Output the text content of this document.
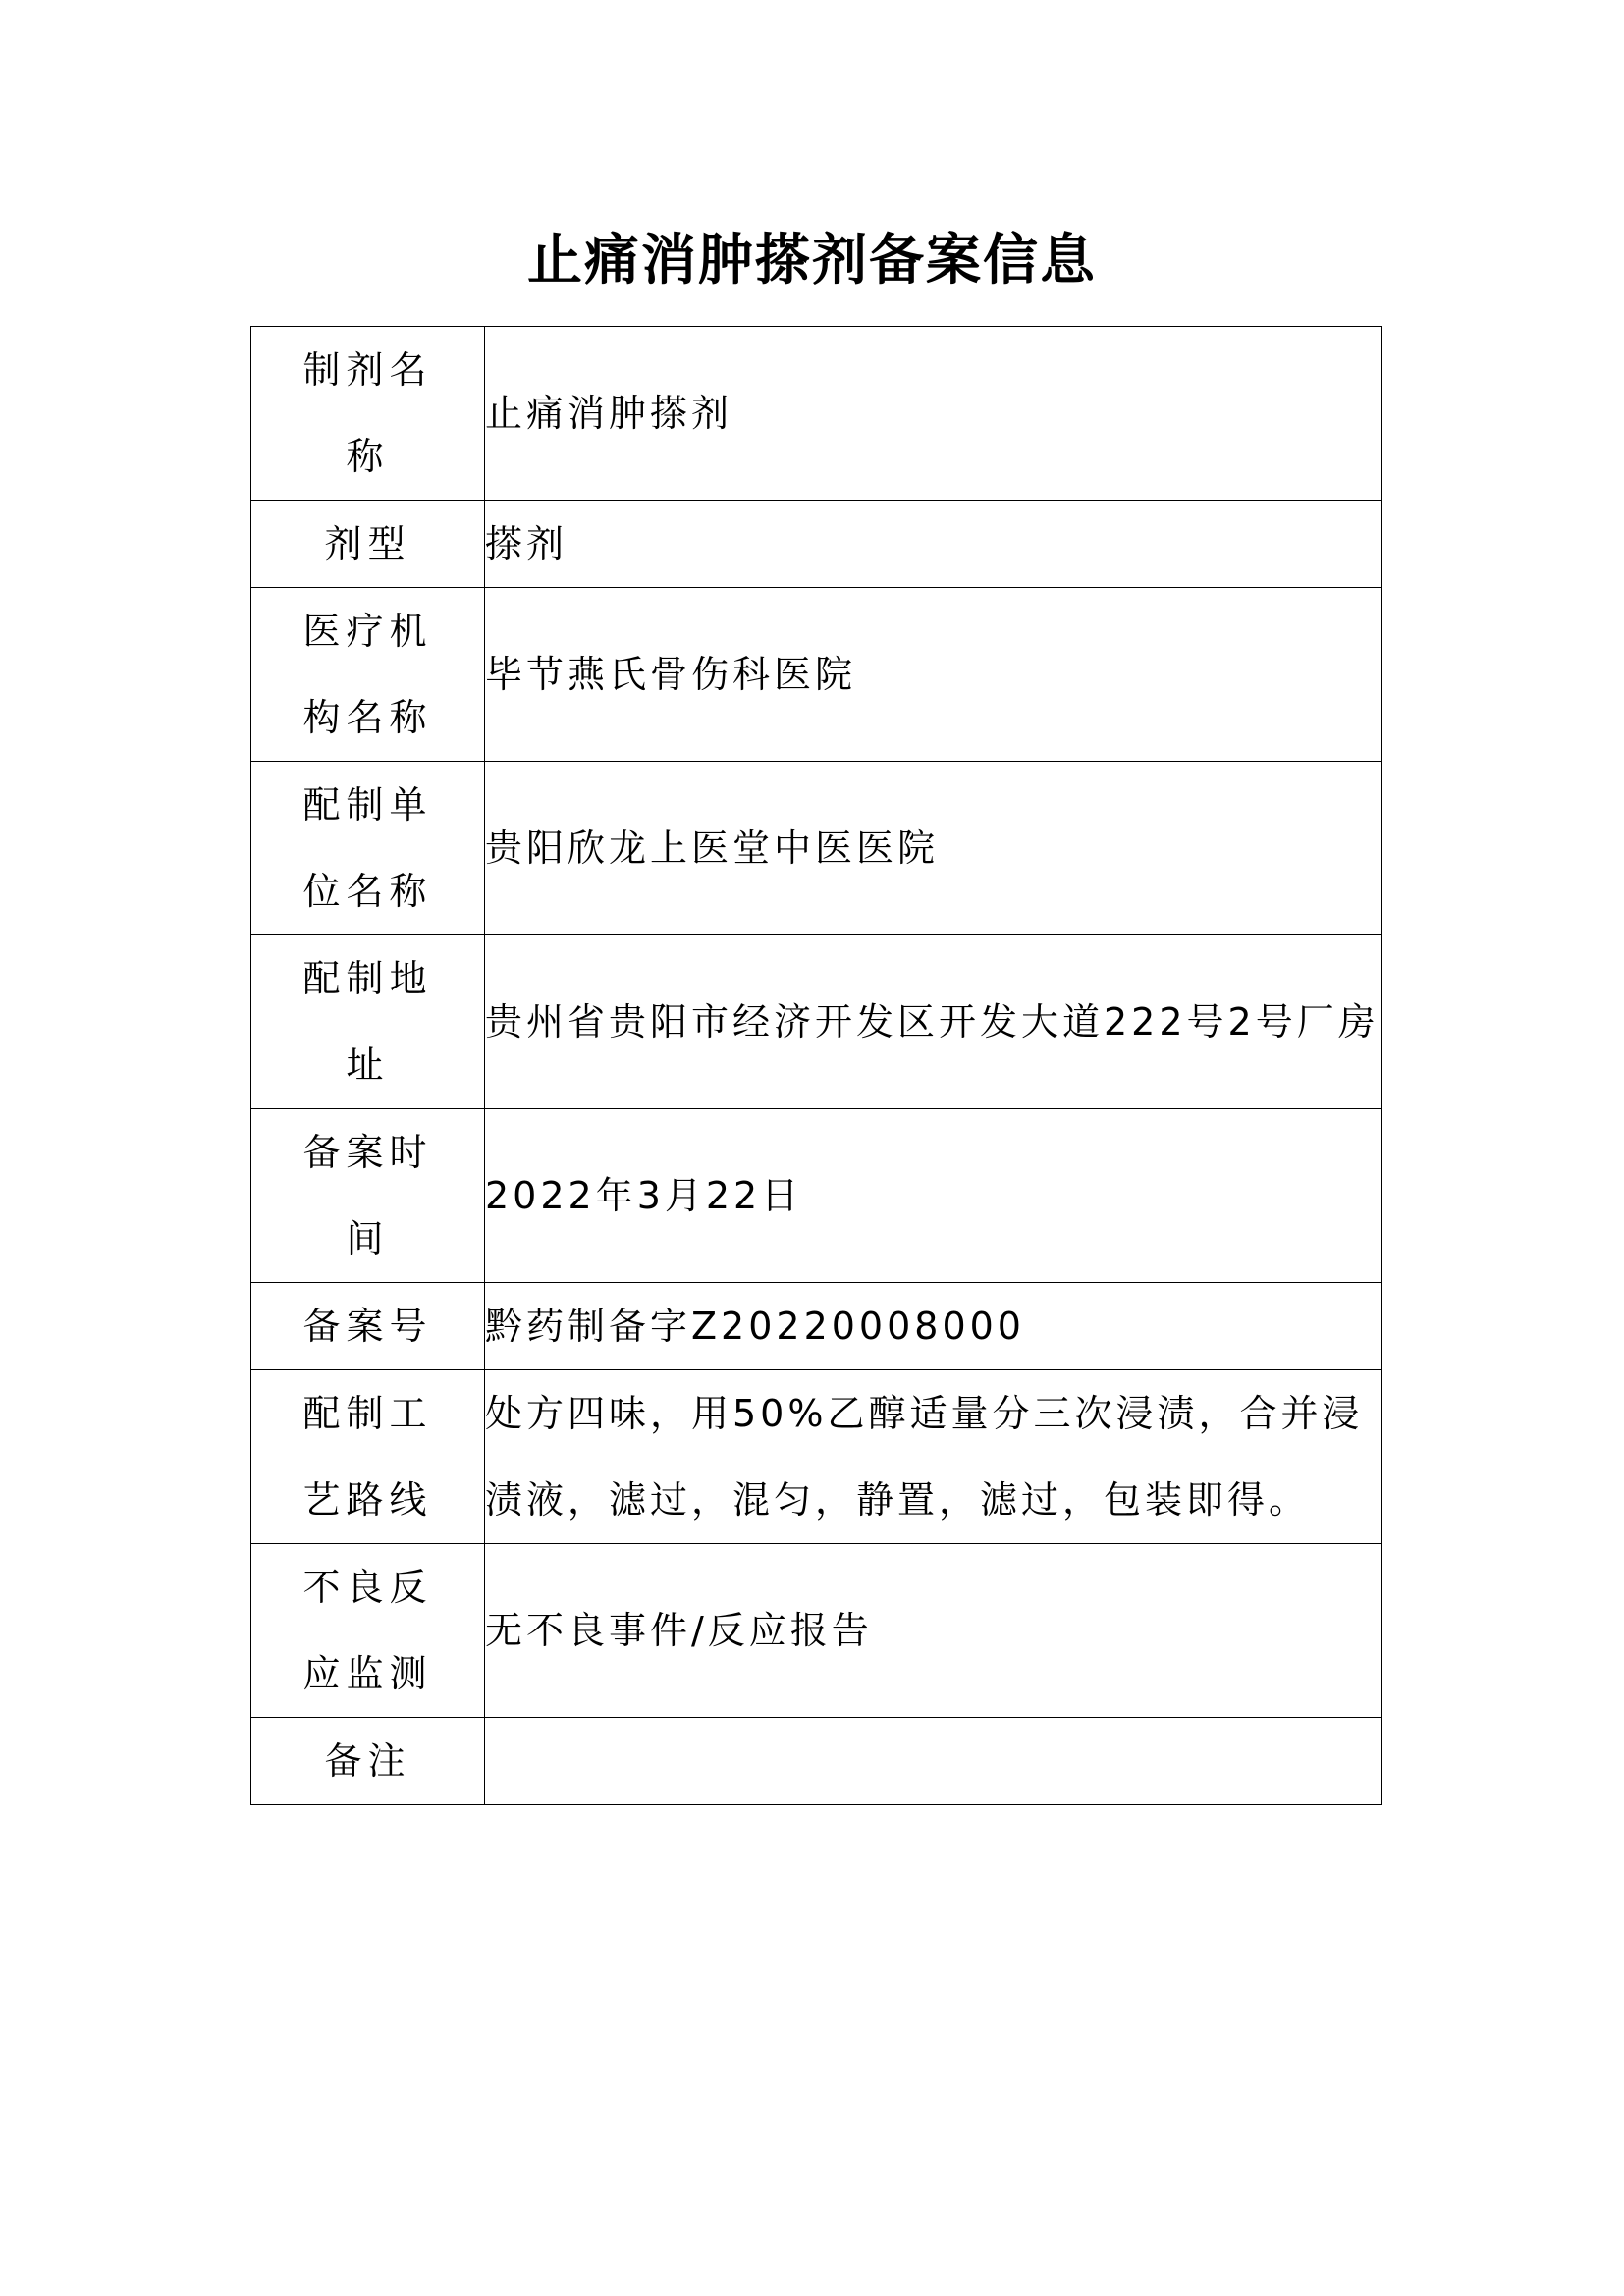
止痛消肿搽剂备案信息
制剂名称	止痛消肿搽剂
剂型	搽剂
医疗机构名称	毕节燕氏骨伤科医院
配制单位名称	贵阳欣龙上医堂中医医院
配制地址	贵州省贵阳市经济开发区开发大道222号2号厂房
备案时间	2022年3月22日
备案号	黔药制备字Z20220008000
配制工艺路线	处方四味，用50%乙醇适量分三次浸渍，合并浸渍液，滤过，混匀，静置，滤过，包装即得。
不良反应监测	无不良事件/反应报告
备注	
